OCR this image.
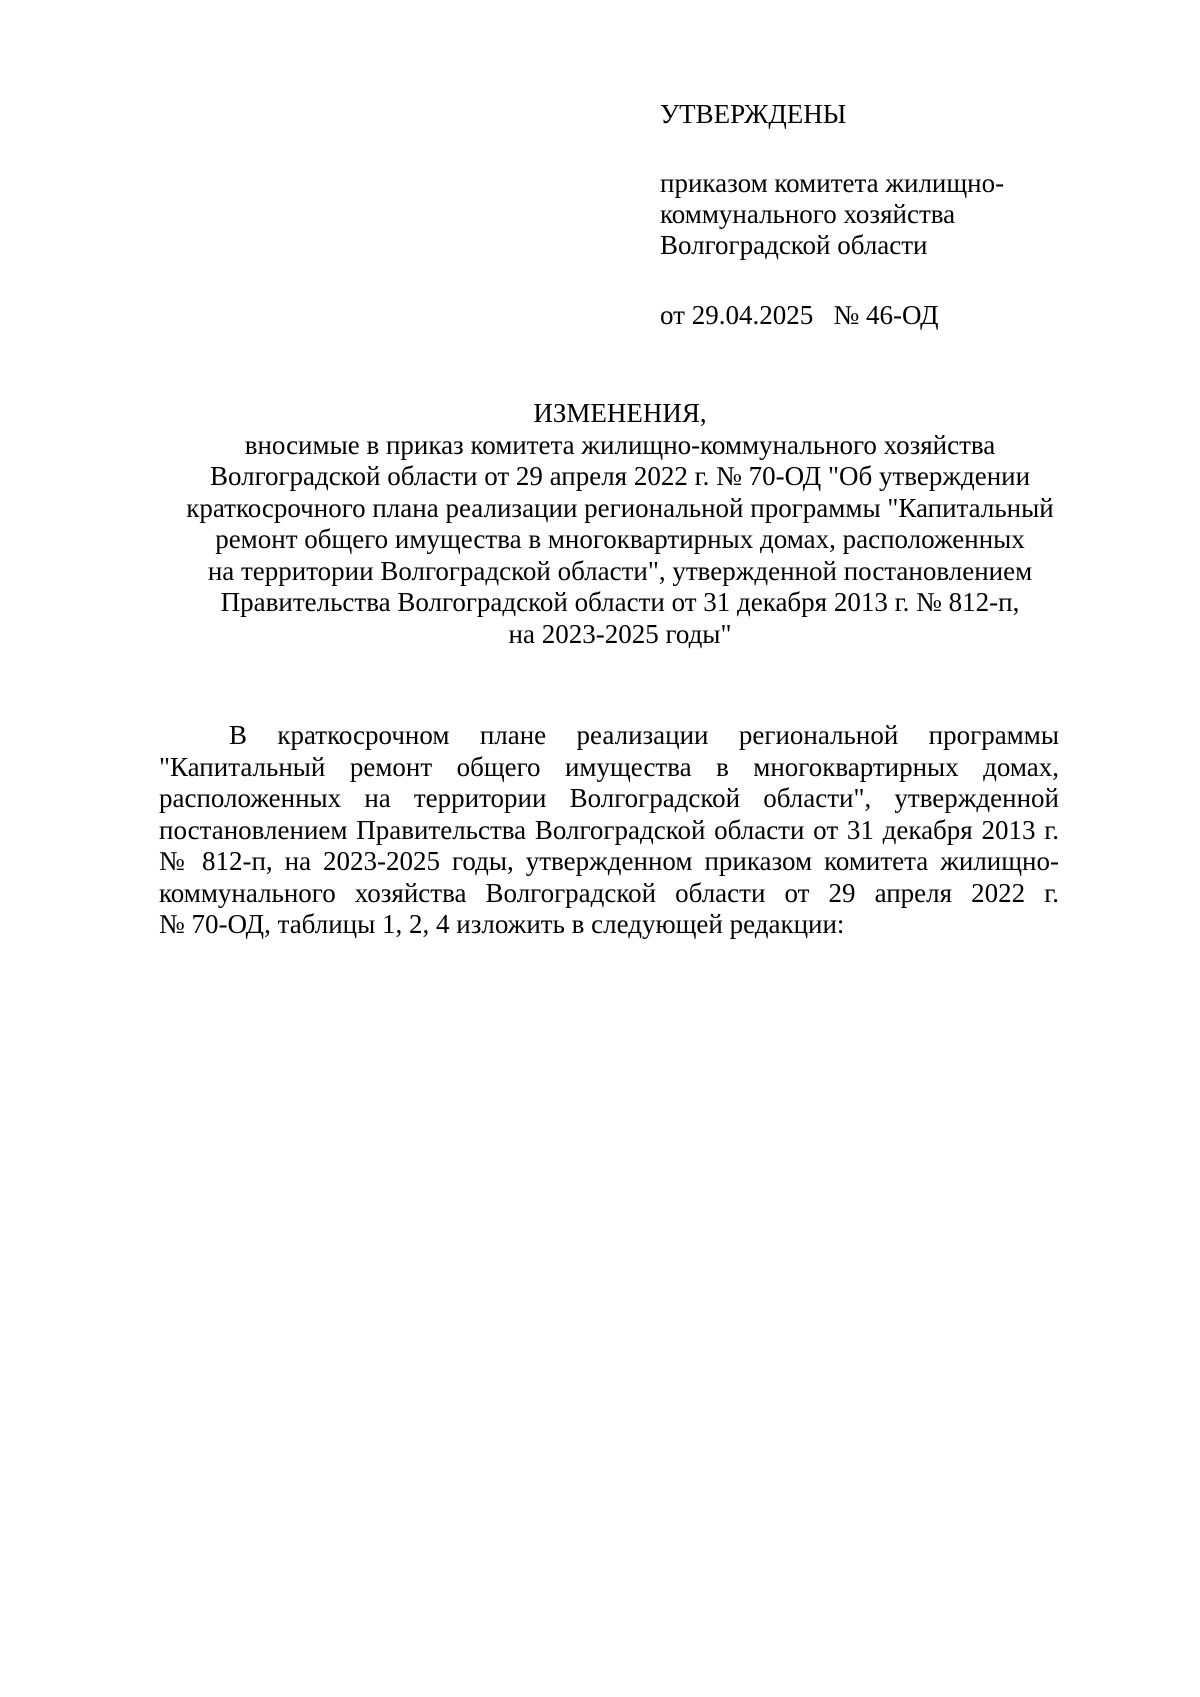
УТВЕРЖДЕНЫ

приказом комитета жилищно-
коммунального хозяйства
Волгоградской области

от 29.04.2025   № 46-ОД

ИЗМЕНЕНИЯ,
вносимые в приказ комитета жилищно-коммунального хозяйства
Волгоградской области от 29 апреля 2022 г. № 70-ОД "Об утверждении
краткосрочного плана реализации региональной программы "Капитальный
ремонт общего имущества в многоквартирных домах, расположенных
на территории Волгоградской области", утвержденной постановлением
Правительства Волгоградской области от 31 декабря 2013 г. № 812-п,
на 2023-2025 годы"
В краткосрочном плане реализации региональной программы
"Капитальный ремонт общего имущества в многоквартирных домах,
расположенных на территории Волгоградской области", утвержденной
постановлением Правительства Волгоградской области от 31 декабря 2013 г.
№ 812-п, на 2023-2025 годы, утвержденном приказом комитета жилищно-
коммунального хозяйства Волгоградской области от 29 апреля 2022 г.
№ 70-ОД, таблицы 1, 2, 4 изложить в следующей редакции:
